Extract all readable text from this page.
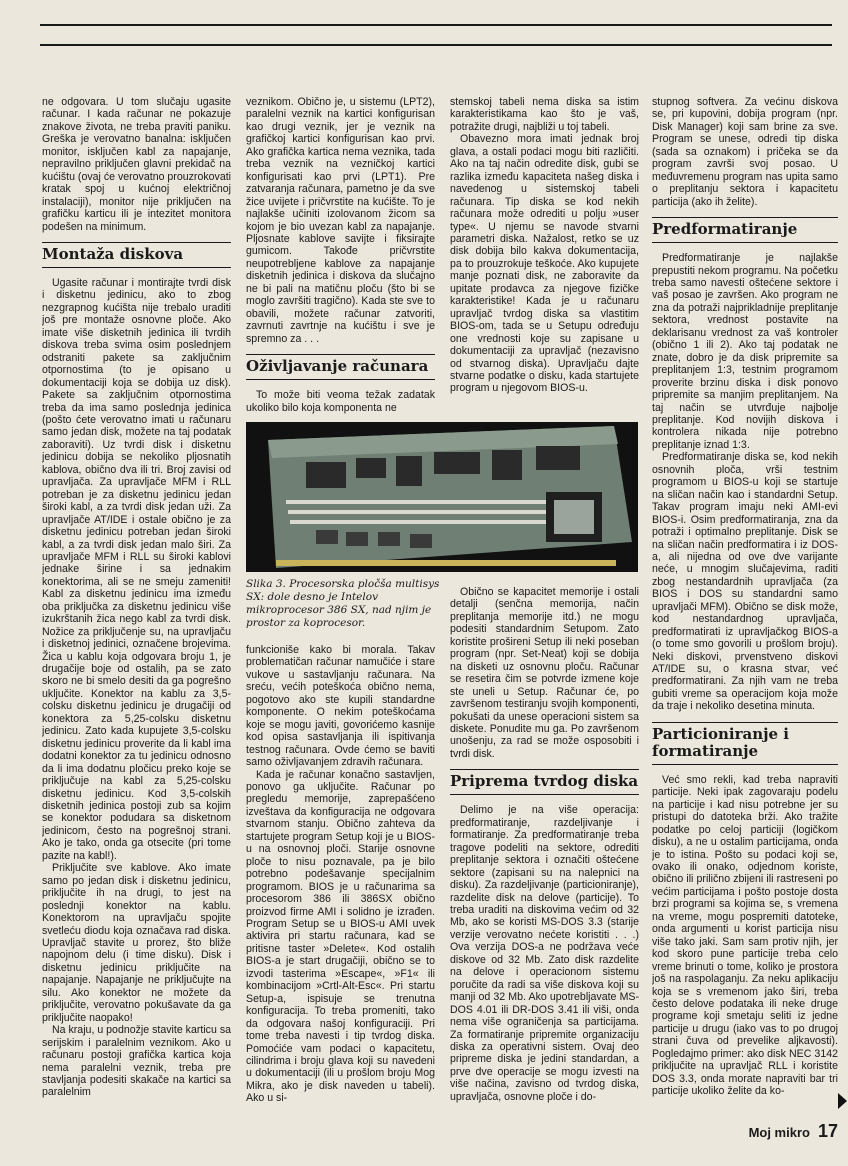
ne odgovara. U tom slučaju ugasite računar. I kada računar ne pokazuje znakove života, ne treba praviti paniku. Greška je verovatno banalna: isključen monitor, isključen kabl za napajanje, nepravilno priključen glavni prekidač na kućištu (ovaj će verovatno prouzrokovati kratak spoj u kućnoj električnoj instalaciji), monitor nije priključen na grafičku karticu ili je intezitet monitora podešen na minimum.

Montaža diskova

Ugasite računar i montirajte tvrdi disk i disketnu jedinicu, ako to zbog nezgrapnog kućišta nije trebalo uraditi još pre montaže osnovne ploče. Ako imate više disketnih jedinica ili tvrdih diskova treba svima osim poslednjem odstraniti pakete sa zaključnim otpornostima (to je opisano u dokumentaciji koja se dobija uz disk). Pakete sa zaključnim otpornostima treba da ima samo poslednja jedinica (pošto ćete verovatno imati u računaru samo jedan disk, možete na taj podatak zaboraviti). Uz tvrdi disk i disketnu jedinicu dobija se nekoliko pljosnatih kablova, obično dva ili tri. Broj zavisi od upravljača. Za upravljače MFM i RLL potreban je za disketnu jedinicu jedan široki kabl, a za tvrdi disk jedan uži. Za upravljače AT/IDE i ostale obično je za disketnu jedinicu potreban jedan široki kabl, a za tvrdi disk jedan malo širi. Za upravljače MFM i RLL su široki kablovi jednake širine i sa jednakim konektorima, ali se ne smeju zameniti! Kabl za disketnu jedinicu ima između oba priključka za disketnu jedinicu više izukrštanih žica nego kabl za tvrdi disk. Nožice za priključenje su, na upravljaču i disketnoj jedinici, označene brojevima. Žica u kablu koja odgovara broju 1, je drugačije boje od ostalih, pa se zato skoro ne bi smelo desiti da ga pogrešno uključite. Konektor na kablu za 3,5-colsku disketnu jedinicu je drugačiji od konektora za 5,25-colsku disketnu jedinicu. Zato kada kupujete 3,5-colsku disketnu jedinicu proverite da li kabl ima dodatni konektor za tu jedinicu odnosno da li ima dodatnu pločicu preko koje se priključuje na kabl za 5,25-colsku disketnu jedinicu. Kod 3,5-colskih disketnih jedinica postoji zub sa kojim se konektor podudara sa disketnom jedinicom, često na pogrešnoj strani. Ako je tako, onda ga otsecite (pri tome pazite na kabl!).

Priključite sve kablove. Ako imate samo po jedan disk i disketnu jedinicu, priključite ih na drugi, to jest na poslednji konektor na kablu. Konektorom na upravljaču spojite svetleću diodu koja označava rad diska. Upravljač stavite u prorez, što bliže napojnom delu (i time disku). Disk i disketnu jedinicu priključite na napajanje. Napajanje ne priključujte na silu. Ako konektor ne možete da priključite, verovatno pokušavate da ga priključite naopako!

Na kraju, u podnožje stavite karticu sa serijskim i paralelnim veznikom. Ako u računaru postoji grafička kartica koja nema paralelni veznik, treba pre stavljanja podesiti skakače na kartici sa paralelnim

veznikom. Obično je, u sistemu (LPT2), paralelni veznik na kartici konfigurisan kao drugi veznik, jer je veznik na grafičkoj kartici konfigurisan kao prvi. Ako grafička kartica nema veznika, tada treba veznik na vezničkoj kartici konfigurisati kao prvi (LPT1). Pre zatvaranja računara, pametno je da sve žice uvijete i pričvrstite na kućište. To je najlakše učiniti izolovanom žicom sa kojom je bio uvezan kabl za napajanje. Pljosnate kablove savijte i fiksirajte gumicom. Takođe pričvrstite neupotrebljene kablove za napajanje disketnih jedinica i diskova da slučajno ne bi pali na matičnu ploču (što bi se moglo završiti tragično). Kada ste sve to obavili, možete računar zatvoriti, zavrnuti zavrtnje na kućištu i sve je spremno za . . .

Oživljavanje računara

To može biti veoma težak zadatak ukoliko bilo koja komponenta ne

stemskoj tabeli nema diska sa istim karakteristikama kao što je vaš, potražite drugi, najbliži u toj tabeli.

Obavezno mora imati jednak broj glava, a ostali podaci mogu biti različiti. Ako na taj način odredite disk, gubi se razlika između kapaciteta našeg diska i navedenog u sistemskoj tabeli računara. Tip diska se kod nekih računara može odrediti u polju »user type«. U njemu se navode stvarni parametri diska. Nažalost, retko se uz disk dobija bilo kakva dokumentacija, pa to prouzrokuje teškoće. Ako kupujete manje poznati disk, ne zaboravite da upitate prodavca za njegove fizičke karakteristike! Kada je u računaru upravljač tvrdog diska sa vlastitim BIOS-om, tada se u Setupu određuju one vrednosti koje su zapisane u dokumentaciji za upravljač (nezavisno od stvarnog diska). Upravljaču dajte stvarne podatke o disku, kada startujete program u njegovom BIOS-u.

Slika 3. Procesorska pločša multisys SX: dole desno je Intelov mikroprocesor 386 SX, nad njim je prostor za koprocesor.

funkcioniše kako bi morala. Takav problematičan računar namučiće i stare vukove u sastavljanju računara. Na sreću, većih poteškoća obično nema, pogotovo ako ste kupili standardne komponente. O nekim poteškoćama koje se mogu javiti, govorićemo kasnije kod opisa sastavljanja ili ispitivanja testnog računara. Ovde ćemo se baviti samo oživljavanjem zdravih računara.

Kada je računar konačno sastavljen, ponovo ga uključite. Računar po pregledu memorije, zaprepašćeno izveštava da konfiguracija ne odgovara stvarnom stanju. Obično zahteva da startujete program Setup koji je u BIOS-u na osnovnoj ploči. Starije osnovne ploče to nisu poznavale, pa je bilo potrebno podešavanje specijalnim programom. BIOS je u računarima sa procesorom 386 ili 386SX obično proizvod firme AMI i solidno je izrađen. Program Setup se u BIOS-u AMI uvek aktivira pri startu računara, kad se pritisne taster »Delete«. Kod ostalih BIOS-a je start drugačiji, obično se to izvodi tasterima »Escape«, »F1« ili kombinacijom »Crtl-Alt-Esc«. Pri startu Setup-a, ispisuje se trenutna konfiguracija. To treba promeniti, tako da odgovara našoj konfiguraciji. Pri tome treba navesti i tip tvrdog diska. Pomoćiće vam podaci o kapacitetu, cilindrima i broju glava koji su navedeni u dokumentaciji (ili u prošlom broju Mog Mikra, ako je disk naveden u tabeli). Ako u si-

Obično se kapacitet memorije i ostali detalji (senčna memorija, način preplitanja memorije itd.) ne mogu podesiti standardnim Setupom. Zato koristite prošireni Setup ili neki poseban program (npr. Set-Neat) koji se dobija na disketi uz osnovnu ploču. Računar se resetira čim se potvrde izmene koje ste uneli u Setup. Računar će, po završenom testiranju svojih komponenti, pokušati da unese operacioni sistem sa diskete. Ponudite mu ga. Po završenom unošenju, za rad se može osposobiti i tvrdi disk.

Priprema tvrdog diska

Delimo je na više operacija: predformatiranje, razdeljivanje i formatiranje. Za predformatiranje treba tragove podeliti na sektore, odrediti preplitanje sektora i označiti oštećene sektore (zapisani su na nalepnici na disku). Za razdeljivanje (particioniranje), razdelite disk na delove (particije). To treba uraditi na diskovima većim od 32 Mb, ako se koristi MS-DOS 3.3 (starije verzije verovatno nećete koristiti . . .) Ova verzija DOS-a ne podržava veće diskove od 32 Mb. Zato disk razdelite na delove i operacionom sistemu poručite da radi sa više diskova koji su manji od 32 Mb. Ako upotrebljavate MS- DOS 4.01 ili DR-DOS 3.41 ili viši, onda nema više ograničenja sa particijama. Za formatiranje pripremite organizaciju diska za operativni sistem. Ovaj deo pripreme diska je jedini standardan, a prve dve operacije se mogu izvesti na više načina, zavisno od tvrdog diska, upravljača, osnovne ploče i do-

stupnog softvera. Za većinu diskova se, pri kupovini, dobija program (npr. Disk Manager) koji sam brine za sve. Program se unese, odredi tip diska (sada sa oznakom) i pričeka se da program završi svoj posao. U međuvremenu program nas upita samo o preplitanju sektora i kapacitetu particija (ako ih želite).

Predformatiranje

Predformatiranje je najlakše prepustiti nekom programu. Na početku treba samo navesti oštećene sektore i vaš posao je završen. Ako program ne zna da potraži najprikladnije preplitanje sektora, vrednost postavite na deklarisanu vrednost za vaš kontroler (obično 1 ili 2). Ako taj podatak ne znate, dobro je da disk pripremite sa preplitanjem 1:3, testnim programom proverite brzinu diska i disk ponovo pripremite sa manjim preplitanjem. Na taj način se utvrđuje najbolje preplitanje. Kod novijih diskova i kontrolera nikada nije potrebno preplitanje iznad 1:3.

Predformatiranje diska se, kod nekih osnovnih ploča, vrši testnim programom u BIOS-u koji se startuje na sličan način kao i standardni Setup. Takav program imaju neki AMI-evi BIOS-i. Osim predformatiranja, zna da potraži i optimalno preplitanje. Disk se na sličan način predformatira i iz DOS-a, ali nijedna od ove dve varijante neće, u mnogim slučajevima, raditi zbog nestandardnih upravljača (za BIOS i DOS su standardni samo upravljači MFM). Obično se disk može, kod nestandardnog upravljača, predformatirati iz upravljačkog BIOS-a (o tome smo govorili u prošlom broju). Neki diskovi, prvenstveno diskovi AT/IDE su, o krasna stvar, već predformatirani. Za njih vam ne treba gubiti vreme sa operacijom koja može da traje i nekoliko desetina minuta.

Particioniranje i formatiranje

Već smo rekli, kad treba napraviti particije. Neki ipak zagovaraju podelu na particije i kad nisu potrebne jer su pristupi do datoteka brži. Ako tražite podatke po celoj particiji (logičkom disku), a ne u ostalim particijama, onda je to istina. Pošto su podaci koji se, ovako ili onako, odjednom koriste, obično ili prilično zbijeni ili rastreseni po većim particijama i pošto postoje dosta brzi programi sa kojima se, s vremena na vreme, mogu pospremiti datoteke, onda argumenti u korist particija nisu više tako jaki. Sam sam protiv njih, jer kod skoro pune particije treba celo vreme brinuti o tome, koliko je prostora još na raspolaganju. Za neku aplikaciju koja se s vremenom jako širi, treba često delove podataka ili neke druge programe koji smetaju seliti iz jedne particije u drugu (iako vas to po drugoj strani čuva od prevelike aljkavosti). Pogledajmo primer: ako disk NEC 3142 priključite na upravljač RLL i koristite DOS 3.3, onda morate napraviti bar tri particije ukoliko želite da ko-

Moj mikro 17
